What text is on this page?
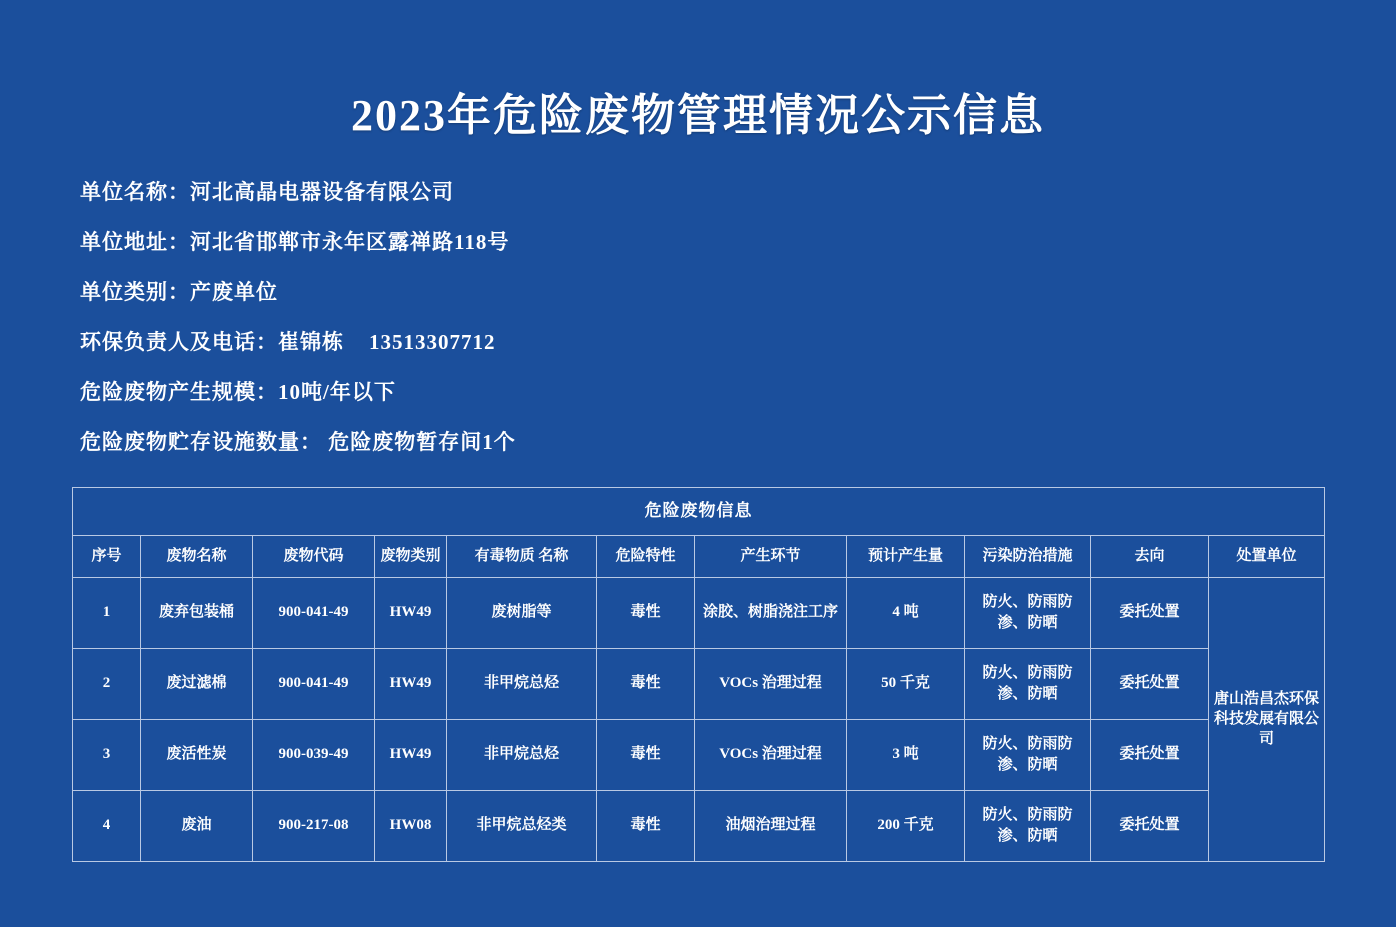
2023年危险废物管理情况公示信息
单位名称：河北高晶电器设备有限公司
单位地址：河北省邯郸市永年区露禅路118号
单位类别：产废单位
环保负责人及电话：崔锦栋    13513307712
危险废物产生规模：10吨/年以下
危险废物贮存设施数量： 危险废物暂存间1个
危险废物信息										
序号	废物名称	废物代码	废物类别	有毒物质 名称	危险特性	产生环节	预计产生量	污染防治措施	去向	处置单位
1	废弃包装桶	900-041-49	HW49	废树脂等	毒性	涂胶、树脂浇注工序	4 吨	防火、防雨防渗、防晒	委托处置	唐山浩昌杰环保科技发展有限公司
2	废过滤棉	900-041-49	HW49	非甲烷总烃	毒性	VOCs 治理过程	50 千克	防火、防雨防渗、防晒	委托处置	
3	废活性炭	900-039-49	HW49	非甲烷总烃	毒性	VOCs 治理过程	3 吨	防火、防雨防渗、防晒	委托处置	
4	废油	900-217-08	HW08	非甲烷总烃类	毒性	油烟治理过程	200 千克	防火、防雨防渗、防晒	委托处置	
